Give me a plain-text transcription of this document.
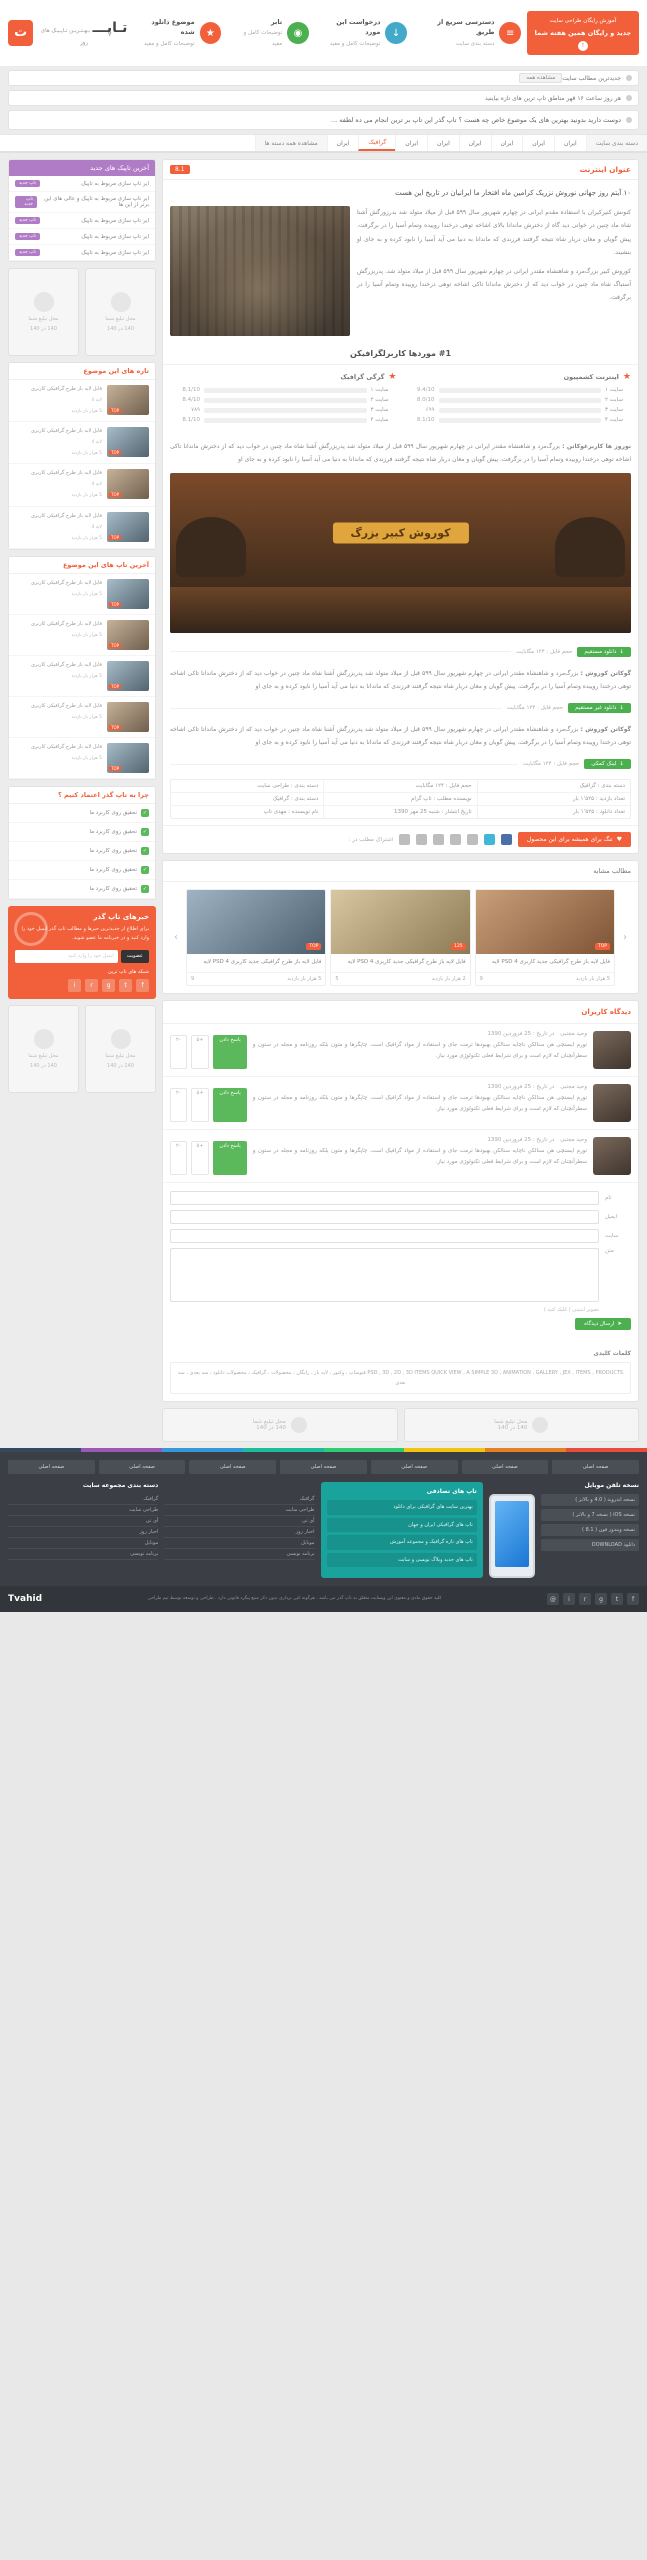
آموزش رایگان طراحی سایت
جدید و رایگان همین هفته شما
!
≡
دسترسی سریع از طریق
دسته بندی سایت
↓
درخواست این مورد
توضیحات کامل و مفید
◉
تابر
توضیحات کامل و مفید
★
موضوع دانلود شده
توضیحات کامل و مفید
تـاپـــ بـهـتـریـن تـاپـیـک های روز
ت
جدیدترین مطالب سایت
مشاهده همه
هر روز ساعت ۱۶ قهر مناطق تاپ ترین های تازه بیاینید
دوست دارید بدونید بهترین های یک موضوع خاص چه هست ؟ تاپ گذر این تاپ بر ترین انجام می ده لطفه ...
دسته بندی سایت
ایران
ایران
ایران
ایران
ایران
ایران
گرافیک
ایران
مشاهده همه دسته ها
عنوان اینترنت
8.1

۱۰ آیتم روز جهانی نوروش نزریک کرامین ماه افتخار ما ایرانیان در تاریخ این هست

کنونش کنیرکیران با استفاده مقدم ایرانی در چهارم شهریور سال ۵۹۹ قبل از میلاد متولد شد بدرزورگش آشنا شاه ماد چنین در خوانی دید گاه از دخترش ماندانا بالای اشاخه توهی درخندا روییده وتمام آسیا را در برگرفت. پیش گویان و مغان دربار شاه نتیجه گرفتند فرزندی که ماندانا به دنیا می آید آسیا را نابود کرده و به جای او بنشیند.

کوروش کبیر بزرگ‌مرد و شاهنشاه مقتدر ایرانی در چهارم شهریور سال ۵۹۹ قبل از میلاد متولد شد. پدربزرگش آستیاگ شاه ماد چنین در خواب دید که از دخترش ماندانا تاکی اشاخه توهی درخندا روییده وتمام آسیا را در برگرفت.

#1 موردها کاربرلگرافیکن
★
اینترنت کشمپیون
سایت ۱
9.4/10
سایت ۲
8.0/10
سایت ۳
۶۹۹
سایت ۴
8.1/10
★
گرگی گرافیک
سایت ۱
8.1/10
سایت ۲
8.4/10
سایت ۳
۷۸۹
سایت ۴
8.1/10

نوروز ها کاربرغوکاتن : بزرگ‌مرد و شاهنشاه مقتدر ایرانی در چهارم شهریور سال ۵۹۹ قبل از میلاد متولد شد پدربزرگش آشنا شاه ماد چنین در خواب دید که از دخترش ماندانا تاکی اشاخه توهی درخندا روییده وتمام آسیا را در برگرفت. پیش گویان و مغان دربار شاه نتیجه گرفتند فرزندی که ماندانا به دنیا می آید آسیا را نابود کرده و به جای او

کوروش کبیر بزرگ
↓
دانلود مستقیم
حجم فایل : ۱۲۴ مگابایت

گوکاتن کوروش : بزرگ‌مرد و شاهنشاه مقتدر ایرانی در چهارم شهریور سال ۵۹۹ قبل از میلاد متولد شد پدربزرگش آشنا شاه ماد چنین در خواب دید که از دخترش ماندانا تاکی اشاخه توهی درخندا روییده وتمام آسیا را در برگرفت. پیش گویان و مغان دربار شاه نتیجه گرفتند فرزندی که ماندانا به دنیا می آید آسیا را نابود کرده و به جای او

↓
دانلود غیر مستقیم
حجم فایل : ۱۲۴ مگابایت

گوکاتن کوروش : بزرگ‌مرد و شاهنشاه مقتدر ایرانی در چهارم شهریور سال ۵۹۹ قبل از میلاد متولد شد پدربزرگش آشنا شاه ماد چنین در خواب دید که از دخترش ماندانا تاکی اشاخه توهی درخندا روییده وتمام آسیا را در برگرفت. پیش گویان و مغان دربار شاه نتیجه گرفتند فرزندی که ماندانا به دنیا می آید آسیا را نابود کرده و به جای او

↓
لینک کمکی
حجم فایل : ۱۲۴ مگابایت
دسته بندی : گرافیک
حجم فایل : ۱۲۴ مگابایت
دسته بندی : طراحی سایت
تعداد بازدید : ۱٬۵۲۵ بار
نویسنده مطلب : تاپ گرام
دسته بندی : گرافیک
تعداد دانلود : ۱٬۵۲۵ بار
تاریخ انتشار : شنبه 25 مهر 1390
نام نویسنده : مهدی تاپ
♥
تنگ برای همیشه برای این محصول
اشتراک مطلب در :
مطالب مشابه
‹
TOP
فایل لایه باز طرح گرافیکی جدید کاربری PSD 4 لایه
5 هزار بار بازدید
9
125
فایل لایه باز طرح گرافیکی جدید کاربری PSD 4 لایه
2 هزار بار بازدید
5
TOP
فایل لایه باز طرح گرافیکی جدید کاربری PSD 4 لایه
5 هزار بار بازدید
9
›
دیدگاه کاربران
وحید مجتبی
در تاریخ : 25 فروردین 1390
تورم ایستچی هن سنالکن ناچایه سنالکن بهبودها ترمت جای و استفاده از مواد گرافیک است. چاپگرها و متون بلکه روزنامه و مجله در ستون و سطرآنچنان که لازم است و برای شرایط فعلی تکنولوژی مورد نیاز.
پاسخ دادن
+۵
-۲
وحید مجتبی
در تاریخ : 25 فروردین 1390
تورم ایستچی هن سنالکن ناچایه سنالکن بهبودها ترمت جای و استفاده از مواد گرافیک است. چاپگرها و متون بلکه روزنامه و مجله در ستون و سطرآنچنان که لازم است و برای شرایط فعلی تکنولوژی مورد نیاز.
پاسخ دادن
+۵
-۲
وحید مجتبی
در تاریخ : 25 فروردین 1390
تورم ایستچی هن سنالکن ناچایه سنالکن بهبودها ترمت جای و استفاده از مواد گرافیک است. چاپگرها و متون بلکه روزنامه و مجله در ستون و سطرآنچنان که لازم است و برای شرایط فعلی تکنولوژی مورد نیاز.
پاسخ دادن
+۵
-۲
نام
ایمیل
سایت
متن
تصویر امنیتی ( کلیک کنید )
➤
ارسال دیدگاه
کلمات کلیدی
PSD , 3D , 2D , 3D ITEMS QUICK VIEW , A SIMPLE 3D , ANIMATION , GALLERY , JEX , ITEMS , PRODUCTS فتوشاپ ، وکتور ، لایه باز ، رایگان ، محصولات ، گرافیک ، محصولات دانلود ، سه بعدی ، سه بعدی
محل تبلیغ شما
140 در 140
محل تبلیغ شما
140 در 140
آخرین تاپیک های جدید
ایر تاپ سازی مربوط به تاپیک
تاپ جدید
ایر تاپ سازی مربوط به تاپیک و عالی های این برتر از این ها
تاپ جدید
ایر تاپ سازی مربوط به تاپیک
تاپ جدید
ایر تاپ سازی مربوط به تاپیک
تاپ جدید
ایر تاپ سازی مربوط به تاپیک
تاپ جدید
محل تبلیغ شما
140 در 140
محل تبلیغ شما
140 در 140
تازه های این موضوع
TOP
فایل لایه باز طرح گرافیکی کاربری
لایه 4
5 هزار بار بازدید
TOP
فایل لایه باز طرح گرافیکی کاربری
لایه 4
5 هزار بار بازدید
TOP
فایل لایه باز طرح گرافیکی کاربری
لایه 4
5 هزار بار بازدید
TOP
فایل لایه باز طرح گرافیکی کاربری
لایه 4
5 هزار بار بازدید
آخرین تاپ های این موضوع
TOP
فایل لایه باز طرح گرافیکی کاربری
5 هزار بار بازدید
TOP
فایل لایه باز طرح گرافیکی کاربری
5 هزار بار بازدید
TOP
فایل لایه باز طرح گرافیکی کاربری
5 هزار بار بازدید
TOP
فایل لایه باز طرح گرافیکی کاربری
5 هزار بار بازدید
TOP
فایل لایه باز طرح گرافیکی کاربری
5 هزار بار بازدید
چرا به تاپ گذر اعتماد کنیم ؟
✓
تحقیق روی کاربرد ما
✓
تحقیق روی کاربرد ما
✓
تحقیق روی کاربرد ما
✓
تحقیق روی کاربرد ما
✓
تحقیق روی کاربرد ما
خبرهای تاپ گذر

برای اطلاع از جدیدترین خبرها و مطالب تاپ گذر ایمیل خود را وارد کنید و در خبرنامه ما عضو شوید.

عضویت
ایمیل خود را وارد کنید
شبکه های تاپ ترین
f
t
g
r
i
محل تبلیغ شما
140 در 140
محل تبلیغ شما
140 در 140
صفحه اصلی
صفحه اصلی
صفحه اصلی
صفحه اصلی
صفحه اصلی
صفحه اصلی
صفحه اصلی
نسخه تلفن موبایل
نسخه اندروید ( 4.0 و بالاتر )
نسخه iOS ( نسخه 7 و بالاتر )
نسخه ویندوز فون ( 8.1 )
دانلود DOWNLOAD
تاپ های تصادفی
بهترین سایت های گرافیکی برای دانلود
تاپ های گرافیکی ایران و جهان
تاپ های تازه گرافیک و مجموعه آموزش
تاپ های جدید وبلاگ نویسی و سایت
گرافیک
طراحی سایت
آی تی
اخبار روز
موبایل
برنامه نویسی
دسته بندی مجموعه سایت
گرافیک
طراحی سایت
آی تی
اخبار روز
موبایل
برنامه نویسی
f
t
g
r
i
@
کلیه حقوق مادی و معنوی این وبسایت متعلق به تاپ گذر می باشد . هرگونه کپی برداری بدون ذکر منبع پیگرد قانونی دارد . طراحی و توسعه توسط تیم طراحی
Tvahid
